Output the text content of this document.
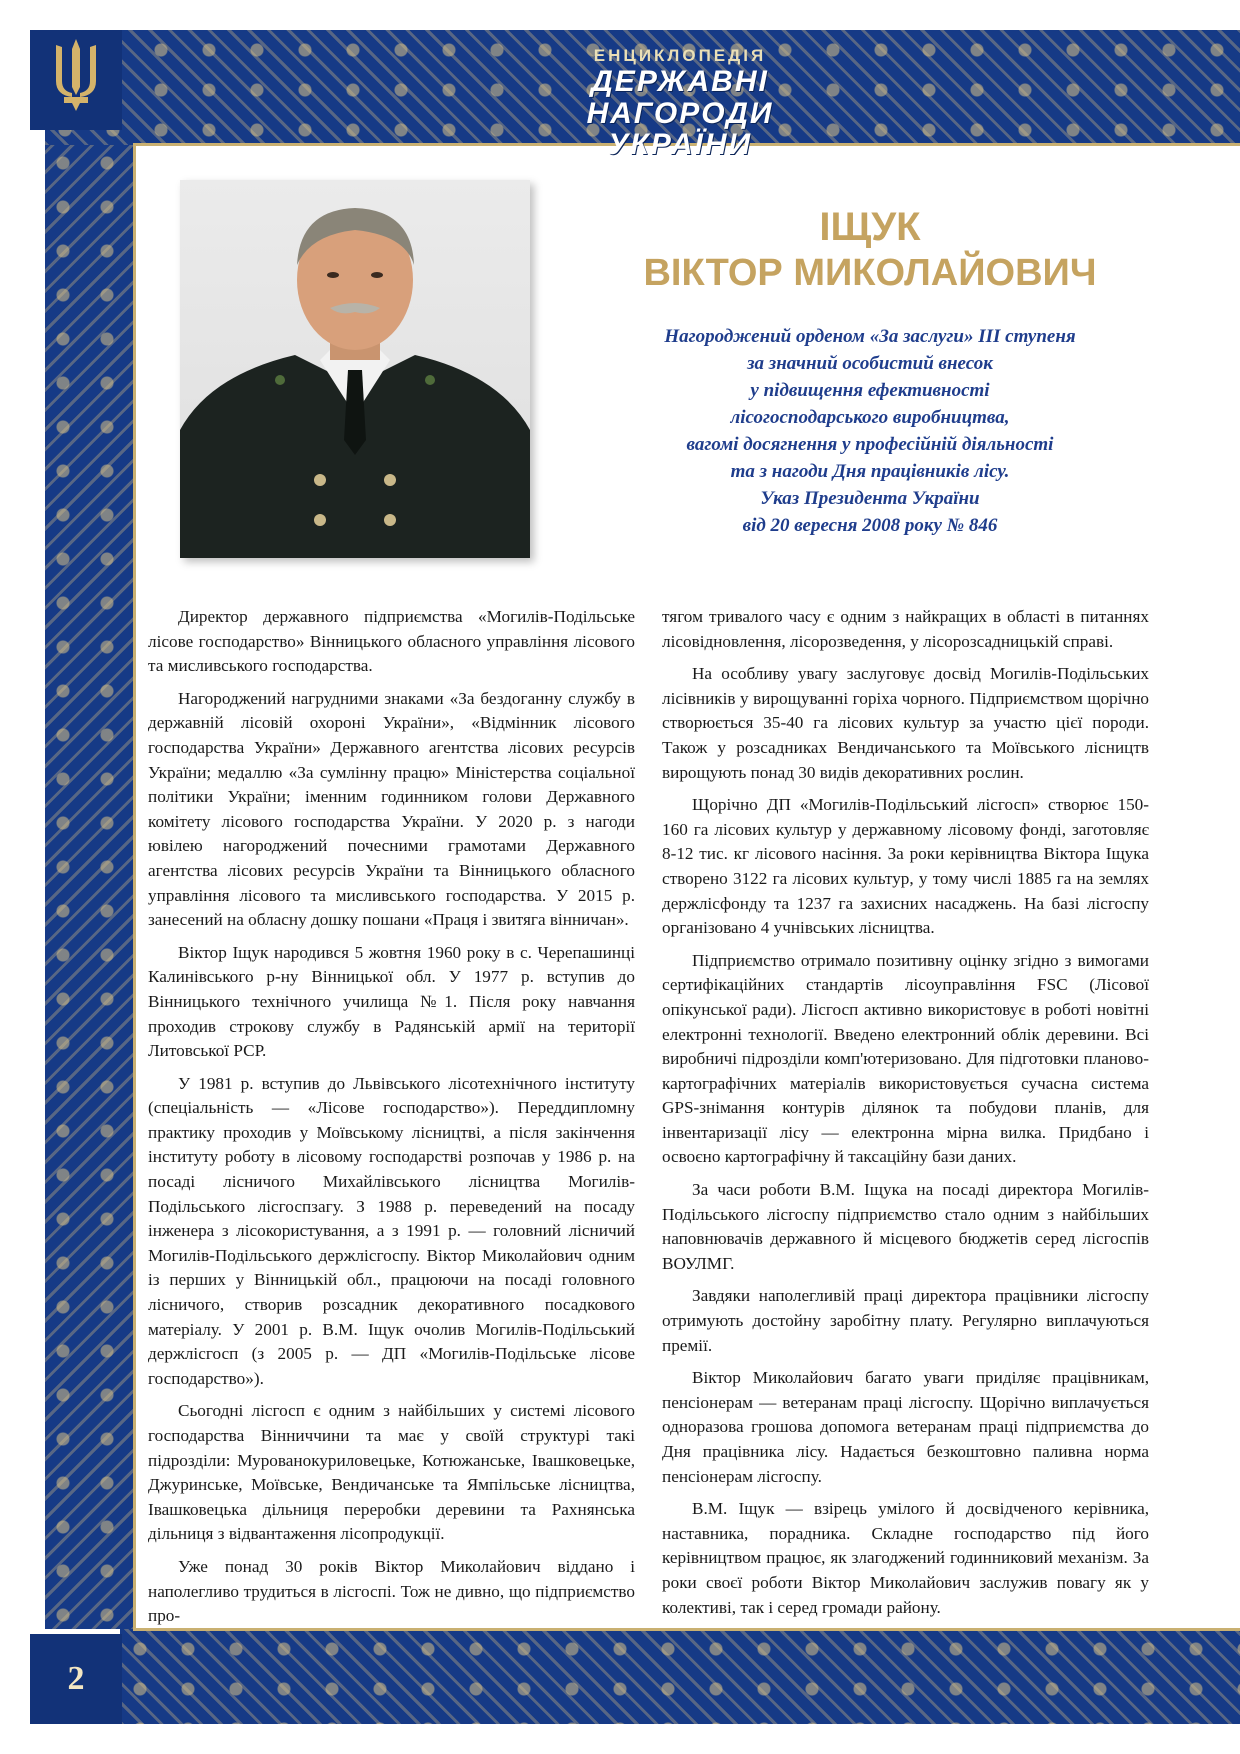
ЕНЦИКЛОПЕДІЯ
ДЕРЖАВНІ НАГОРОДИ
УКРАЇНИ
2
ІЩУК
ВІКТОР МИКОЛАЙОВИЧ
Нагороджений орденом «За заслуги» ІІІ ступеня
за значний особистий внесок
у підвищення ефективності
лісогосподарського виробництва,
вагомі досягнення у професійній діяльності
та з нагоди Дня працівників лісу.
Указ Президента України
від 20 вересня 2008 року № 846

Директор державного підприємства «Могилів-Подільське лісове господарство» Вінницького обласного управління лісового та мисливського господарства.

Нагороджений нагрудними знаками «За бездоганну службу в державній лісовій охороні України», «Відмінник лісового господарства України» Державного агентства лісових ресурсів України; медаллю «За сумлінну працю» Міністерства соціальної політики України; іменним годинником голови Державного комітету лісового господарства України. У 2020 р. з нагоди ювілею нагороджений почесними грамотами Державного агентства лісових ресурсів України та Вінницького обласного управління лісового та мисливського господарства. У 2015 р. занесений на обласну дошку пошани «Праця і звитяга вінничан».

Віктор Іщук народився 5 жовтня 1960 року в с. Черепашинці Калинівського р-ну Вінницької обл. У 1977 р. вступив до Вінницького технічного училища №1. Після року навчання проходив строкову службу в Радянській армії на території Литовської РСР.

У 1981 р. вступив до Львівського лісотехнічного інституту (спеціальність — «Лісове господарство»). Переддипломну практику проходив у Моївському лісництві, а після закінчення інституту роботу в лісовому господарстві розпочав у 1986 р. на посаді лісничого Михайлівського лісництва Могилів-Подільського лісгоспзагу. З 1988 р. переведений на посаду інженера з лісокористування, а з 1991 р. — головний лісничий Могилів-Подільського держлісгоспу. Віктор Миколайович одним із перших у Вінницькій обл., працюючи на посаді головного лісничого, створив розсадник декоративного посадкового матеріалу. У 2001 р. В.М. Іщук очолив Могилів-Подільський держлісгосп (з 2005 р. — ДП «Могилів-Подільське лісове господарство»).

Сьогодні лісгосп є одним з найбільших у системі лісового господарства Вінниччини та має у своїй структурі такі підрозділи: Мурованокуриловецьке, Котюжанське, Івашковецьке, Джуринське, Моївське, Вендичанське та Ямпільське лісництва, Івашковецька дільниця переробки деревини та Рахнянська дільниця з відвантаження лісопродукції.

Уже понад 30 років Віктор Миколайович віддано і наполегливо трудиться в лісгоспі. Тож не дивно, що підприємство про-

тягом тривалого часу є одним з найкращих в області в питаннях лісовідновлення, лісорозведення, у лісорозсадницькій справі.

На особливу увагу заслуговує досвід Могилів-Подільських лісівників у вирощуванні горіха чорного. Підприємством щорічно створюється 35-40 га лісових культур за участю цієї породи. Також у розсадниках Вендичанського та Моївського лісництв вирощують понад 30 видів декоративних рослин.

Щорічно ДП «Могилів-Подільський лісгосп» створює 150-160 га лісових культур у державному лісовому фонді, заготовляє 8-12 тис. кг лісового насіння. За роки керівництва Віктора Іщука створено 3122 га лісових культур, у тому числі 1885 га на землях держлісфонду та 1237 га захисних насаджень. На базі лісгоспу організовано 4 учнівських лісництва.

Підприємство отримало позитивну оцінку згідно з вимогами сертифікаційних стандартів лісоуправління FSC (Лісової опікунської ради). Лісгосп активно використовує в роботі новітні електронні технології. Введено електронний облік деревини. Всі виробничі підрозділи комп'ютеризовано. Для підготовки планово-картографічних матеріалів використовується сучасна система GPS-знімання контурів ділянок та побудови планів, для інвентаризації лісу — електронна мірна вилка. Придбано і освоєно картографічну й таксаційну бази даних.

За часи роботи В.М. Іщука на посаді директора Могилів-Подільського лісгоспу підприємство стало одним з найбільших наповнювачів державного й місцевого бюджетів серед лісгоспів ВОУЛМГ.

Завдяки наполегливій праці директора працівники лісгоспу отримують достойну заробітну плату. Регулярно виплачуються премії.

Віктор Миколайович багато уваги приділяє працівникам, пенсіонерам — ветеранам праці лісгоспу. Щорічно виплачується одноразова грошова допомога ветеранам праці підприємства до Дня працівника лісу. Надається безкоштовно паливна норма пенсіонерам лісгоспу.

В.М. Іщук — взірець умілого й досвідченого керівника, наставника, порадника. Складне господарство під його керівництвом працює, як злагоджений годинниковий механізм. За роки своєї роботи Віктор Миколайович заслужив повагу як у колективі, так і серед громади району.
